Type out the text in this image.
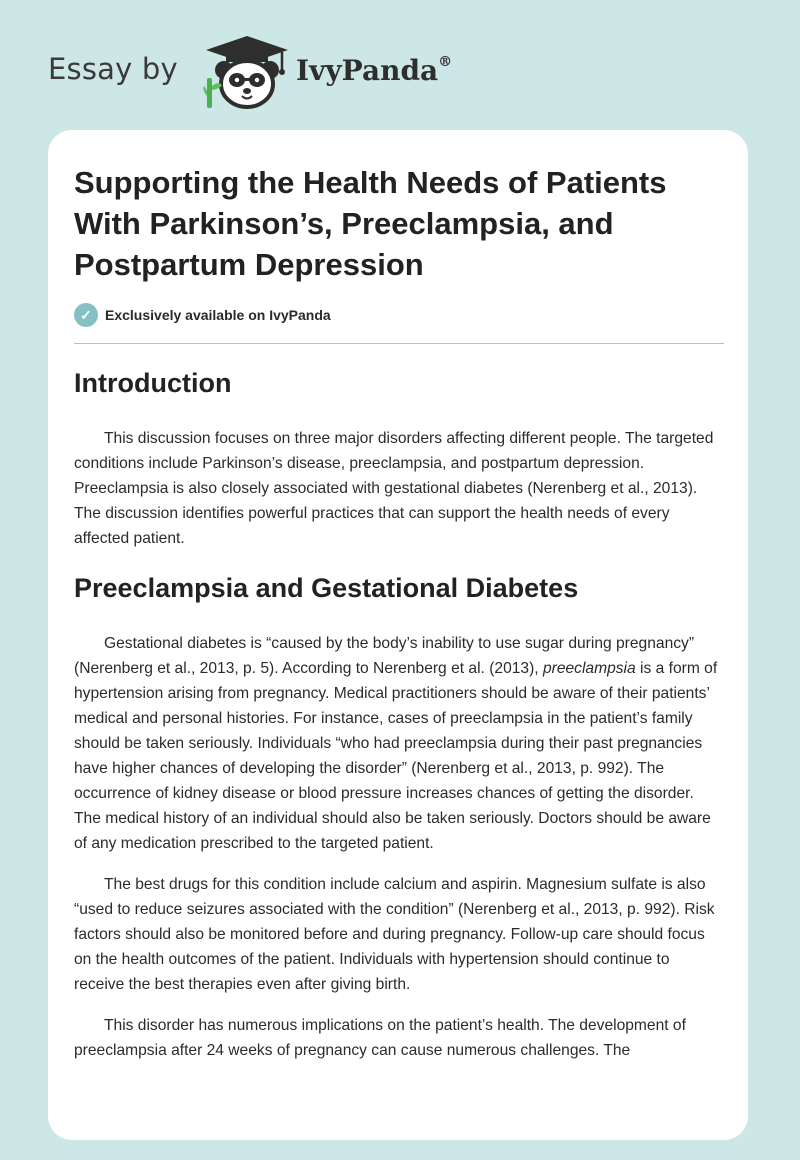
Essay by	IvyPanda®
Supporting the Health Needs of Patients With Parkinson’s, Preeclampsia, and Postpartum Depression
✓ Exclusively available on IvyPanda
Introduction

This discussion focuses on three major disorders affecting different people. The targeted conditions include Parkinson’s disease, preeclampsia, and postpartum depression. Preeclampsia is also closely associated with gestational diabetes (Nerenberg et al., 2013). The discussion identifies powerful practices that can support the health needs of every affected patient.

Preeclampsia and Gestational Diabetes

Gestational diabetes is “caused by the body’s inability to use sugar during pregnancy” (Nerenberg et al., 2013, p. 5). According to Nerenberg et al. (2013), preeclampsia is a form of hypertension arising from pregnancy. Medical practitioners should be aware of their patients’ medical and personal histories. For instance, cases of preeclampsia in the patient’s family should be taken seriously. Individuals “who had preeclampsia during their past pregnancies have higher chances of developing the disorder” (Nerenberg et al., 2013, p. 992). The occurrence of kidney disease or blood pressure increases chances of getting the disorder. The medical history of an individual should also be taken seriously. Doctors should be aware of any medication prescribed to the targeted patient.

The best drugs for this condition include calcium and aspirin. Magnesium sulfate is also “used to reduce seizures associated with the condition” (Nerenberg et al., 2013, p. 992). Risk factors should also be monitored before and during pregnancy. Follow-up care should focus on the health outcomes of the patient. Individuals with hypertension should continue to receive the best therapies even after giving birth.

This disorder has numerous implications on the patient’s health. The development of preeclampsia after 24 weeks of pregnancy can cause numerous challenges. The
